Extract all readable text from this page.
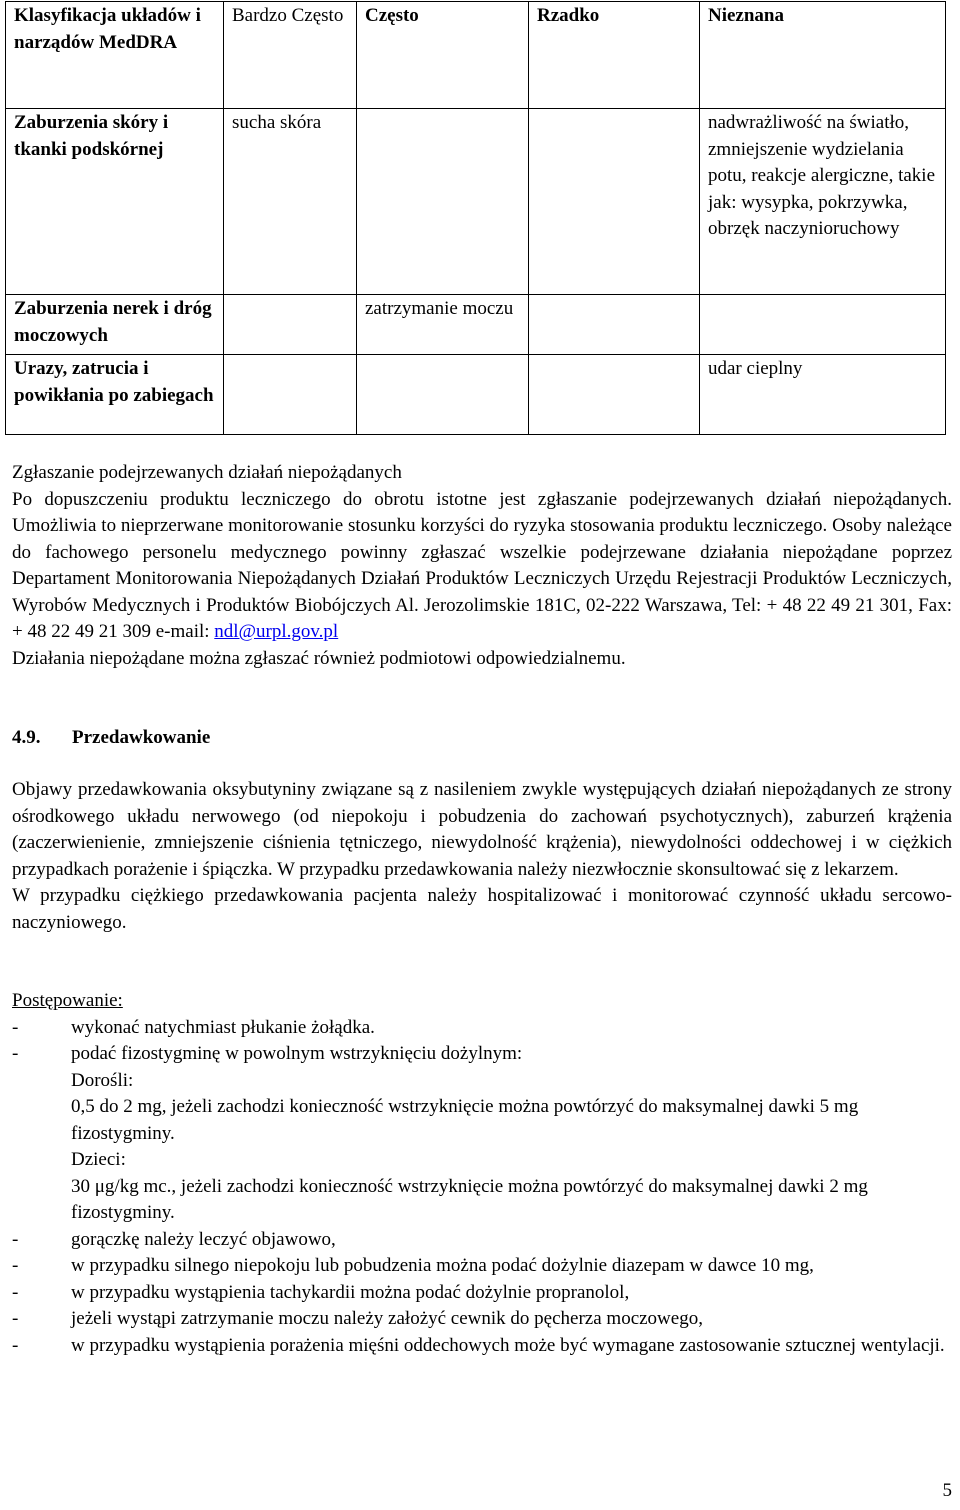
Klasyfikacja układów i narządów MedDRA	Bardzo Często	Często	Rzadko	Nieznana
Zaburzenia skóry i tkanki podskórnej	sucha skóra			nadwrażliwość na światło, zmniejszenie wydzielania potu, reakcje alergiczne, takie jak: wysypka, pokrzywka, obrzęk naczynioruchowy
Zaburzenia nerek i dróg moczowych		zatrzymanie moczu		
Urazy, zatrucia i powikłania po zabiegach				udar cieplny

Zgłaszanie podejrzewanych działań niepożądanych

Po dopuszczeniu produktu leczniczego do obrotu istotne jest zgłaszanie podejrzewanych działań niepożądanych. Umożliwia to nieprzerwane monitorowanie stosunku korzyści do ryzyka stosowania produktu leczniczego. Osoby należące do fachowego personelu medycznego powinny zgłaszać wszelkie podejrzewane działania niepożądane poprzez Departament Monitorowania Niepożądanych Działań Produktów Leczniczych Urzędu Rejestracji Produktów Leczniczych, Wyrobów Medycznych i Produktów Biobójczych Al. Jerozolimskie 181C, 02-222 Warszawa, Tel: + 48 22 49 21 301, Fax: + 48 22 49 21 309 e-mail: ndl@urpl.gov.pl

Działania niepożądane można zgłaszać również podmiotowi odpowiedzialnemu.

4.9. Przedawkowanie

Objawy przedawkowania oksybutyniny związane są z nasileniem zwykle występujących działań niepożądanych ze strony ośrodkowego układu nerwowego (od niepokoju i pobudzenia do zachowań psychotycznych), zaburzeń krążenia (zaczerwienienie, zmniejszenie ciśnienia tętniczego, niewydolność krążenia), niewydolności oddechowej i w ciężkich przypadkach porażenie i śpiączka. W przypadku przedawkowania należy niezwłocznie skonsultować się z lekarzem.

W przypadku ciężkiego przedawkowania pacjenta należy hospitalizować i monitorować czynność układu sercowo-naczyniowego.

Postępowanie:

-	wykonać natychmiast płukanie żołądka.
-	podać fizostygminę w powolnym wstrzyknięciu dożylnym:
Dorośli:
0,5 do 2 mg, jeżeli zachodzi konieczność wstrzyknięcie można powtórzyć do maksymalnej dawki 5 mg fizostygminy.
Dzieci:
30 μg/kg mc., jeżeli zachodzi konieczność wstrzyknięcie można powtórzyć do maksymalnej dawki 2 mg fizostygminy.
-	gorączkę należy leczyć objawowo,
-	w przypadku silnego niepokoju lub pobudzenia można podać dożylnie diazepam w dawce 10 mg,
-	w przypadku wystąpienia tachykardii można podać dożylnie propranolol,
-	jeżeli wystąpi zatrzymanie moczu należy założyć cewnik do pęcherza moczowego,
-	w przypadku wystąpienia porażenia mięśni oddechowych może być wymagane zastosowanie sztucznej wentylacji.
5
